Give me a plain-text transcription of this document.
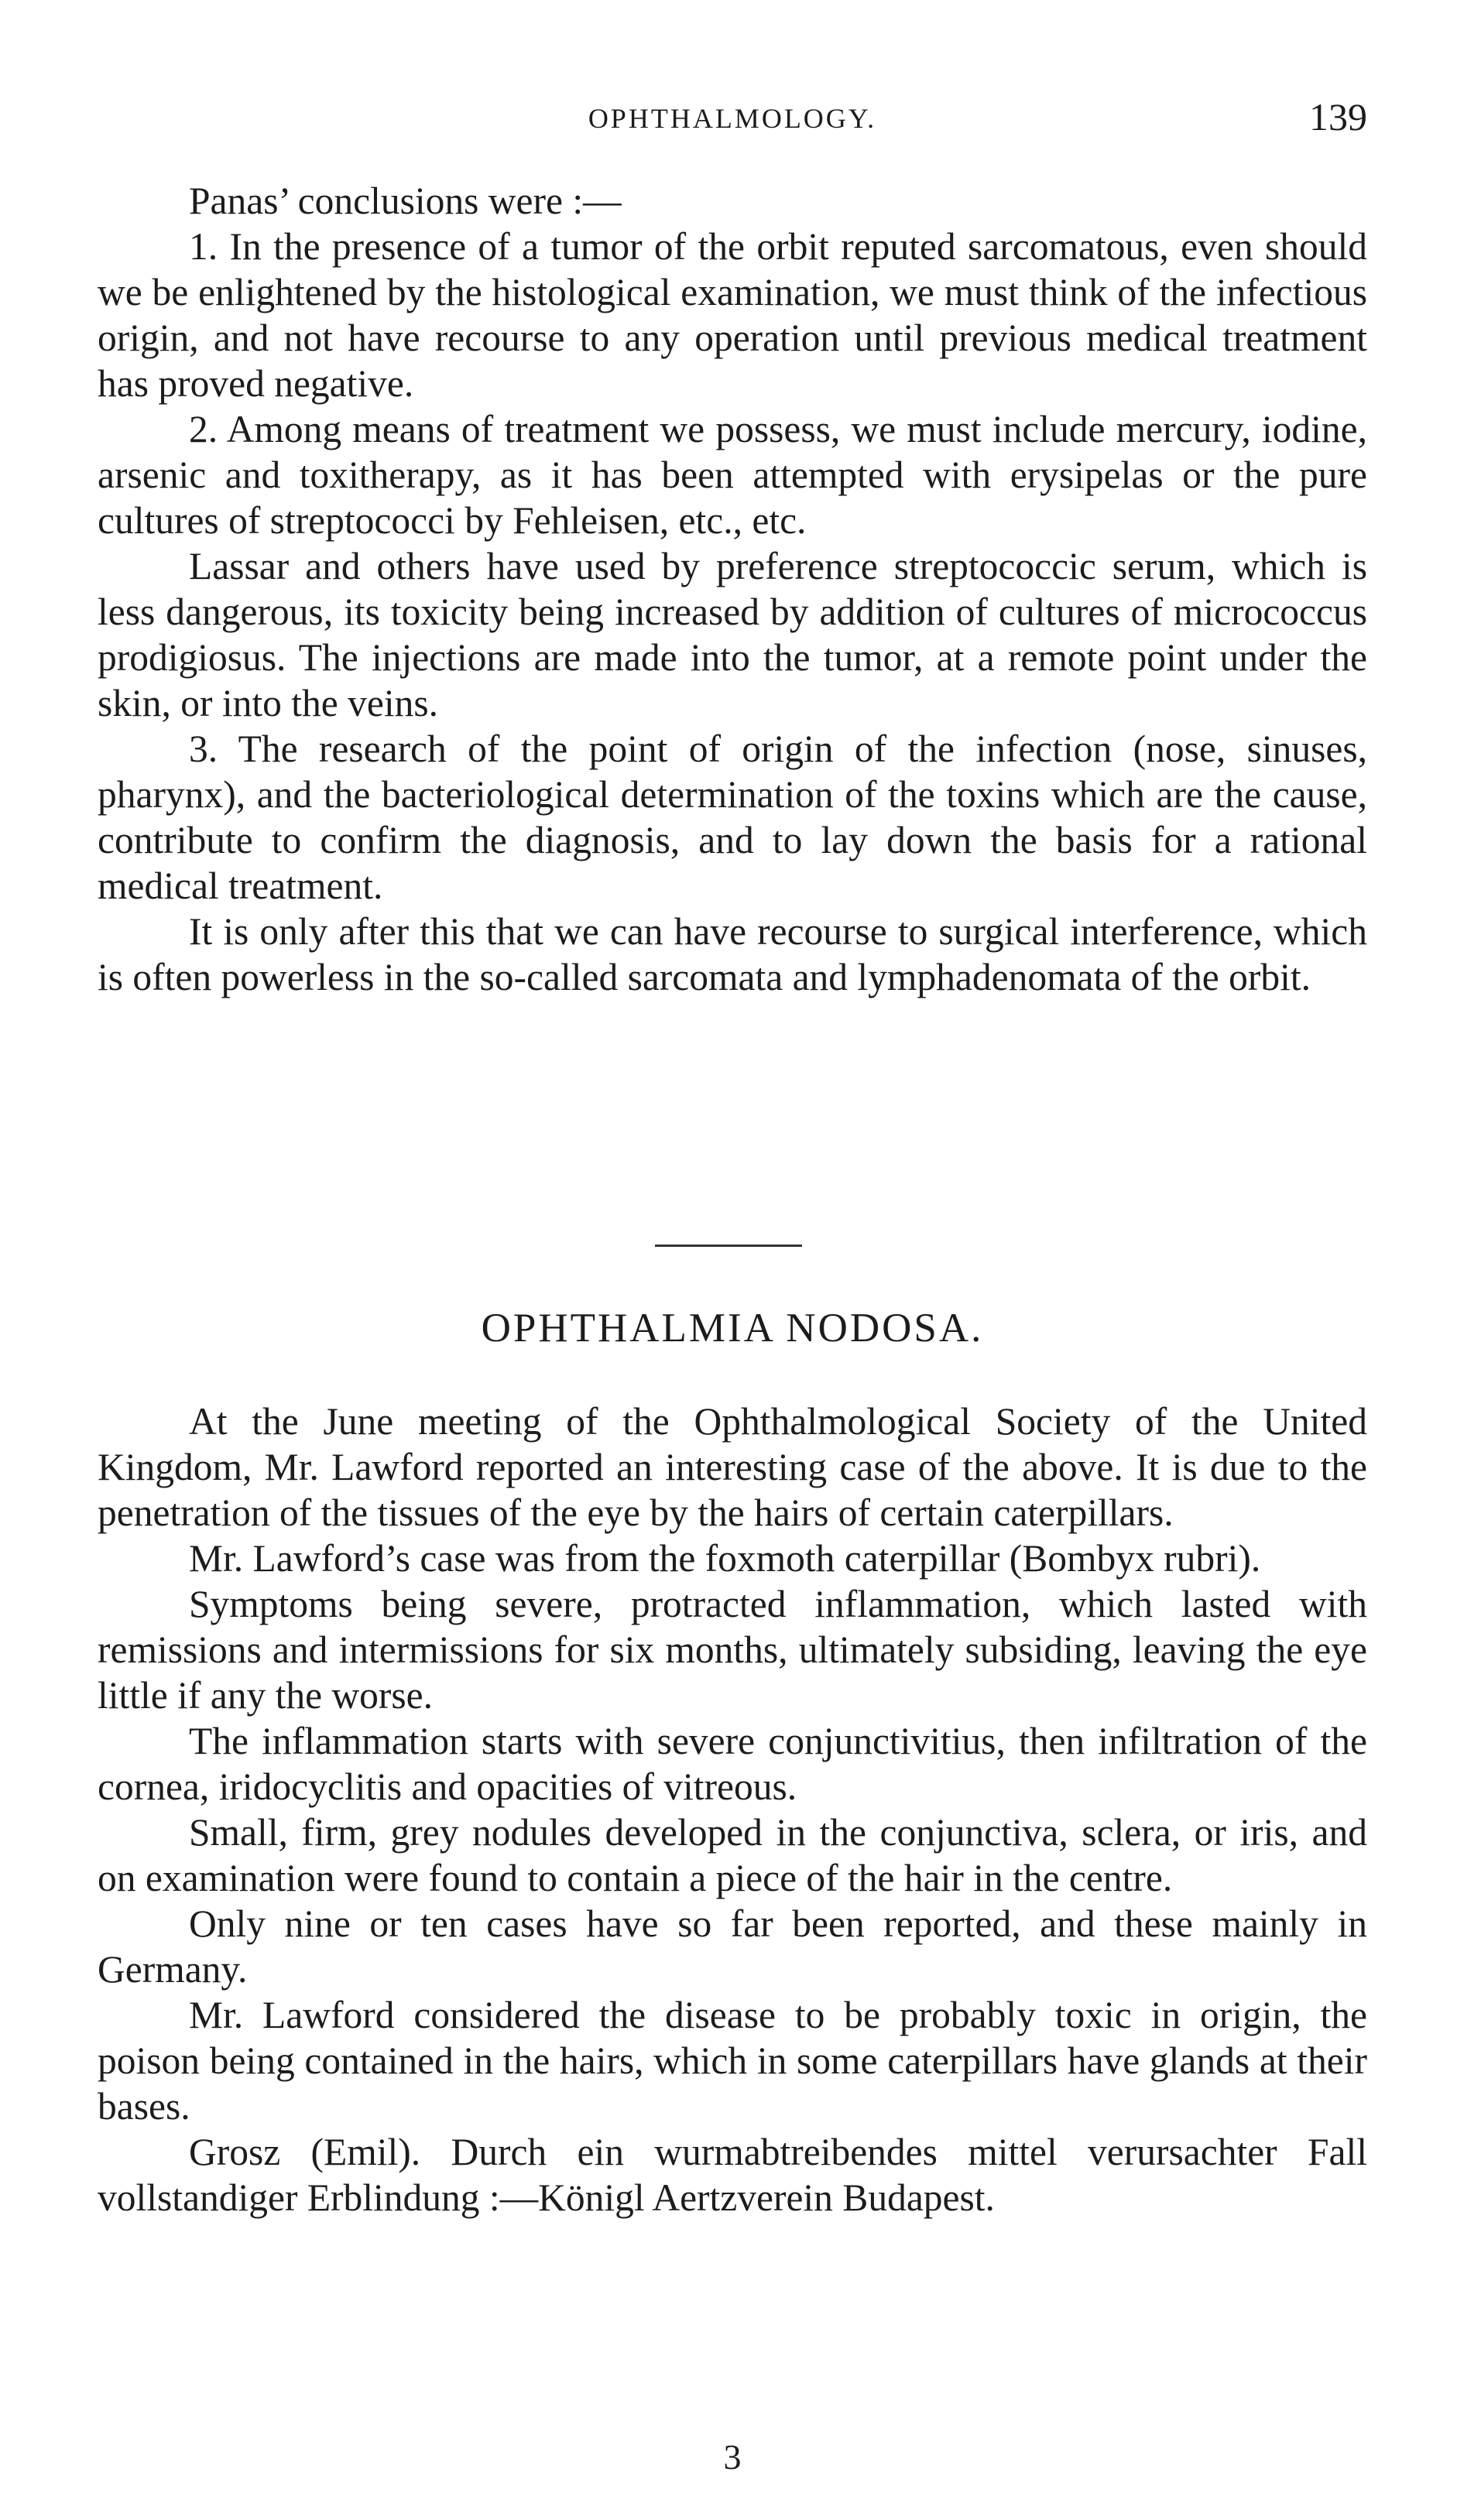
OPHTHALMOLOGY.	139

Panas’ conclusions were :—

1. In the presence of a tumor of the orbit reputed sarcomatous, even should we be enlightened by the histological examination, we must think of the infectious origin, and not have recourse to any operation until previous medical treatment has proved negative.

2. Among means of treatment we possess, we must include mercury, iodine, arsenic and toxitherapy, as it has been attempted with erysipelas or the pure cultures of streptococci by Fehleisen, etc., etc.

Lassar and others have used by preference streptococcic serum, which is less dangerous, its toxicity being increased by addition of cultures of micrococcus prodigiosus. The injections are made into the tumor, at a remote point under the skin, or into the veins.

3. The research of the point of origin of the infection (nose, sinuses, pharynx), and the bacteriological determination of the toxins which are the cause, contribute to confirm the diagnosis, and to lay down the basis for a rational medical treatment.

It is only after this that we can have recourse to surgical interference, which is often powerless in the so-called sarcomata and lymphadenomata of the orbit.

OPHTHALMIA NODOSA.

At the June meeting of the Ophthalmological Society of the United Kingdom, Mr. Lawford reported an interesting case of the above. It is due to the penetration of the tissues of the eye by the hairs of certain caterpillars.

Mr. Lawford’s case was from the foxmoth caterpillar (Bombyx rubri).

Symptoms being severe, protracted inflammation, which lasted with remissions and intermissions for six months, ultimately subsiding, leaving the eye little if any the worse.

The inflammation starts with severe conjunctivitius, then infiltration of the cornea, iridocyclitis and opacities of vitreous.

Small, firm, grey nodules developed in the conjunctiva, sclera, or iris, and on examination were found to contain a piece of the hair in the centre.

Only nine or ten cases have so far been reported, and these mainly in Germany.

Mr. Lawford considered the disease to be probably toxic in origin, the poison being contained in the hairs, which in some caterpillars have glands at their bases.

Grosz (Emil). Durch ein wurmabtreibendes mittel verursachter Fall vollstandiger Erblindung :—Königl Aertzverein Budapest.

3
